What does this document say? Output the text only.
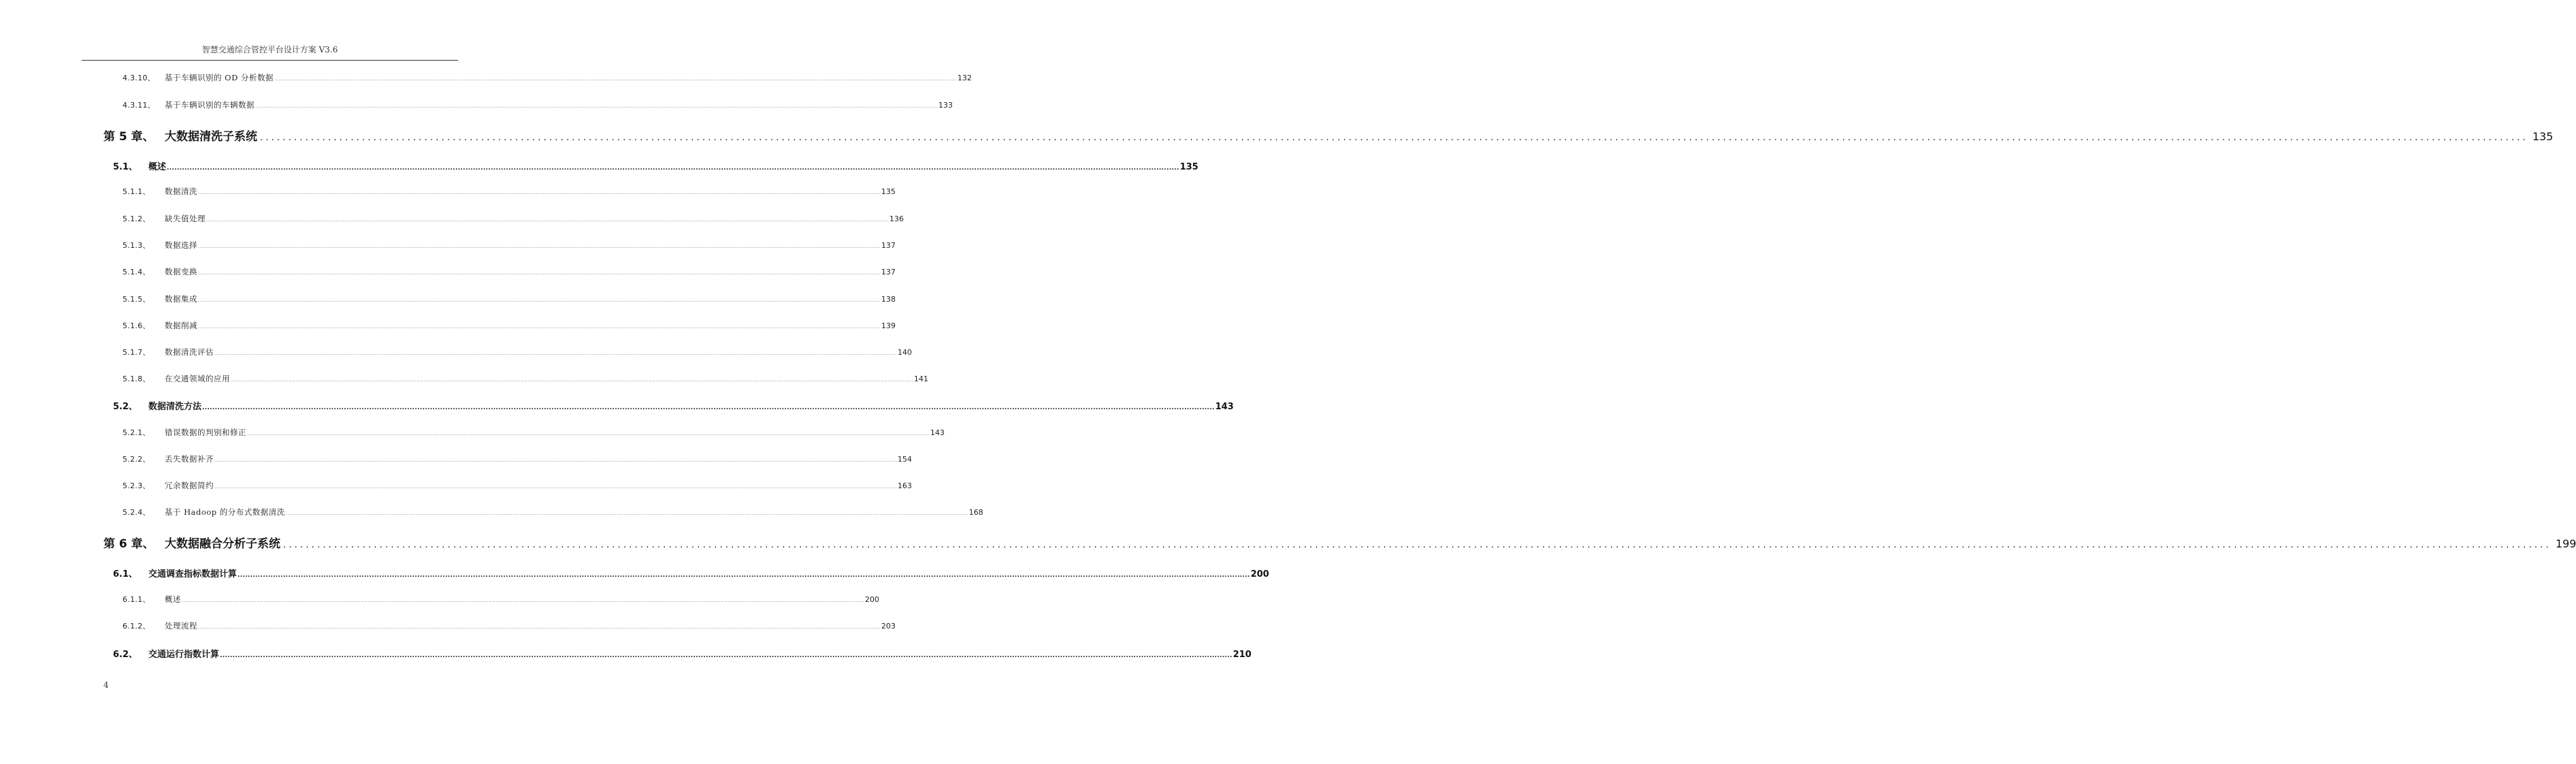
智慧交通综合管控平台设计方案 V3.6
4.3.10、	基于车辆识别的 OD 分析数据 ................................................................................................................................................................................................................................................................................................................................................................................................................ 132
4.3.11、	基于车辆识别的车辆数据 ................................................................................................................................................................................................................................................................................................................................................................................................................ 133
第 5 章、 大数据清洗子系统 ................................................................................................................................................................................................................................................................................................................................................................................................................ 135
5.1、	概述 ................................................................................................................................................................................................................................................................................................................................................................................................................ 135
5.1.1、	数据清洗 ................................................................................................................................................................................................................................................................................................................................................................................................................ 135
5.1.2、	缺失值处理 ................................................................................................................................................................................................................................................................................................................................................................................................................ 136
5.1.3、	数据选择 ................................................................................................................................................................................................................................................................................................................................................................................................................ 137
5.1.4、	数据变换 ................................................................................................................................................................................................................................................................................................................................................................................................................ 137
5.1.5、	数据集成 ................................................................................................................................................................................................................................................................................................................................................................................................................ 138
5.1.6、	数据削减 ................................................................................................................................................................................................................................................................................................................................................................................................................ 139
5.1.7、	数据清洗评估 ................................................................................................................................................................................................................................................................................................................................................................................................................ 140
5.1.8、	在交通领域的应用 ................................................................................................................................................................................................................................................................................................................................................................................................................ 141
5.2、	数据清洗方法 ................................................................................................................................................................................................................................................................................................................................................................................................................ 143
5.2.1、	错误数据的判别和修正 ................................................................................................................................................................................................................................................................................................................................................................................................................ 143
5.2.2、	丢失数据补齐 ................................................................................................................................................................................................................................................................................................................................................................................................................ 154
5.2.3、	冗余数据简约 ................................................................................................................................................................................................................................................................................................................................................................................................................ 163
5.2.4、	基于 Hadoop 的分布式数据清洗 ................................................................................................................................................................................................................................................................................................................................................................................................................ 168
第 6 章、 大数据融合分析子系统 ................................................................................................................................................................................................................................................................................................................................................................................................................ 199
6.1、	交通调查指标数据计算 ................................................................................................................................................................................................................................................................................................................................................................................................................ 200
6.1.1、	概述 ................................................................................................................................................................................................................................................................................................................................................................................................................ 200
6.1.2、	处理流程 ................................................................................................................................................................................................................................................................................................................................................................................................................ 203
6.2、	交通运行指数计算 ................................................................................................................................................................................................................................................................................................................................................................................................................ 210
4
